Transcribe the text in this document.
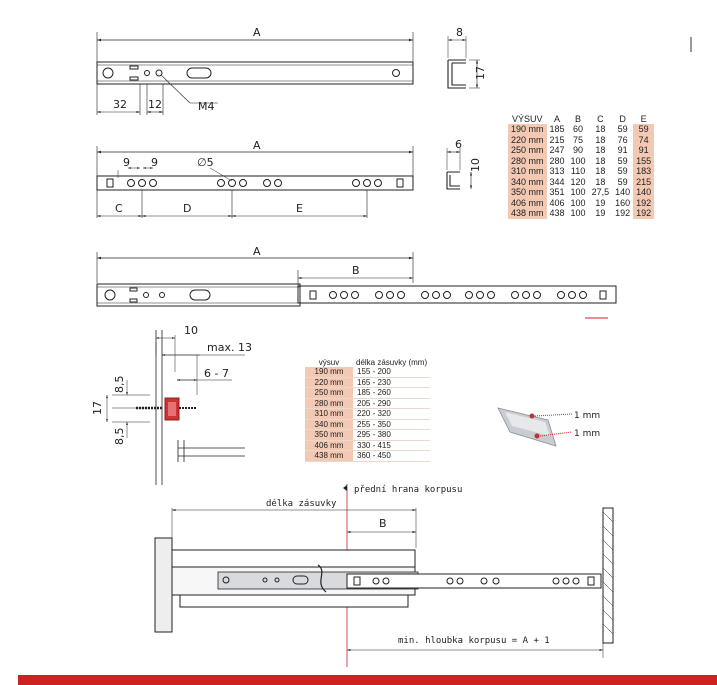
A
32 12	M4
8
17
A
9 9	∅5
C	D	E
6
10
A
B
10
max. 13
6 - 7
8,5
8,5
17
1 mm
1 mm
přední hrana korpusu
délka zásuvky
B
min. hloubka korpusu = A + 1
VÝSUV	A	B	C	D	E
190 mm	185	60	18	59	59
220 mm	215	75	18	76	74
250 mm	247	90	18	91	91
280 mm	280	100	18	59	155
310 mm	313	110	18	59	183
340 mm	344	120	18	59	215
350 mm	351	100	27,5	140	140
406 mm	406	100	19	160	192
438 mm	438	100	19	192	192
výsuv	délka zásuvky (mm)
190 mm	155 - 200
220 mm	165 - 230
250 mm	185 - 260
280 mm	205 - 290
310 mm	220 - 320
340 mm	255 - 350
350 mm	295 - 380
406 mm	330 - 415
438 mm	360 - 450
